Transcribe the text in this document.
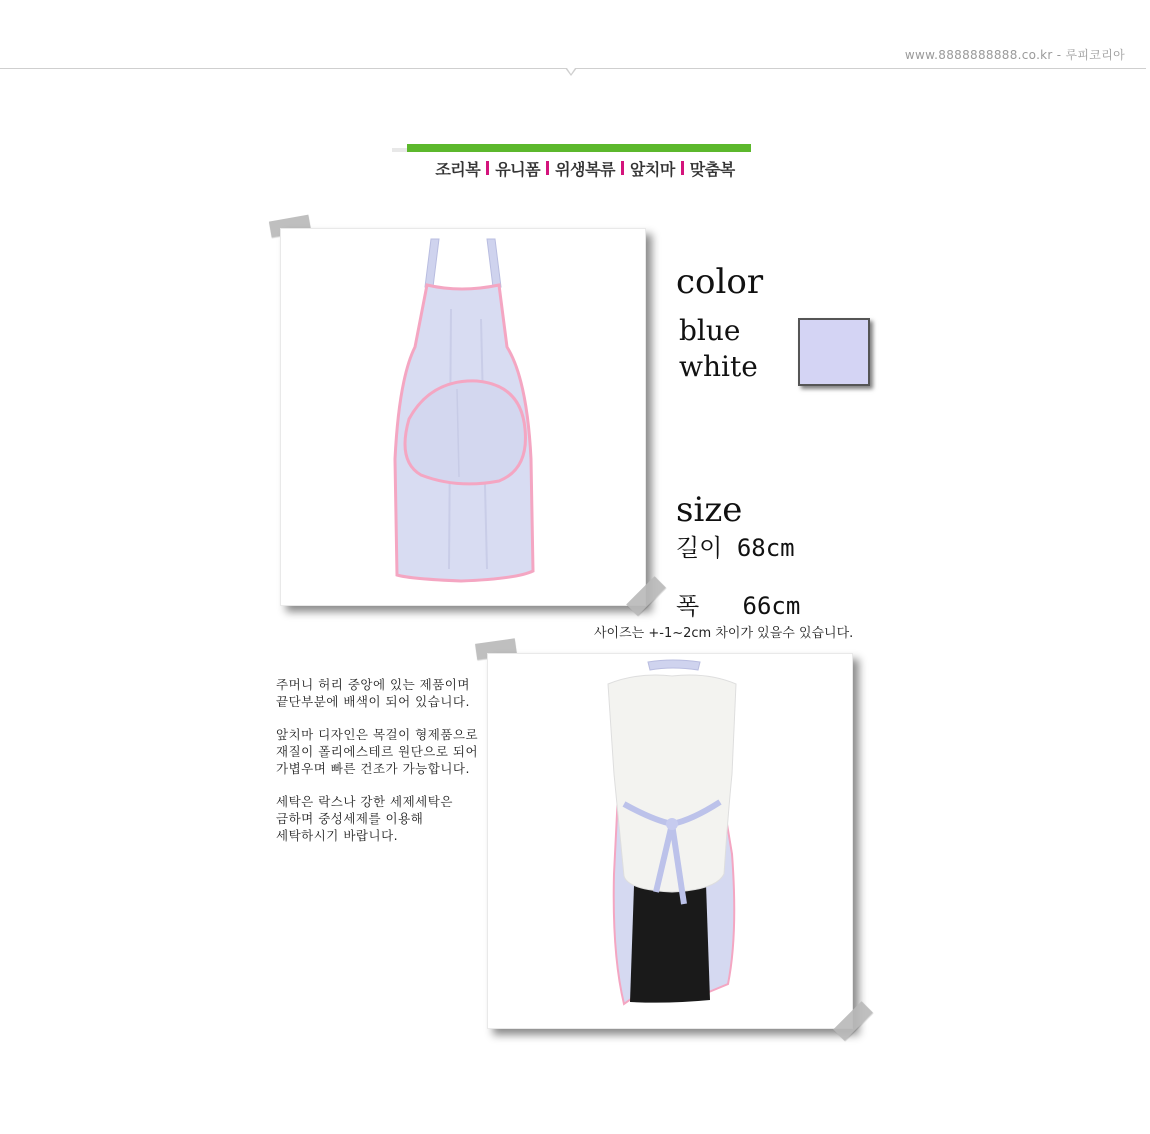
www.8888888888.co.kr - 루피코리아
조리복 유니폼 위생복류 앞치마 맞춤복
color
blue
white
size
길이 68cm
폭   66cm
사이즈는 +-1~2cm 차이가 있을수 있습니다.

주머니 허리 중앙에 있는 제품이며
끝단부분에 배색이 되어 있습니다.

앞치마 디자인은 목걸이 형제품으로
재질이 폴리에스테르 원단으로 되어
가볍우며 빠른 건조가 가능합니다.

세탁은 락스나 강한 세제세탁은
금하며 중성세제를 이용해
세탁하시기 바랍니다.
